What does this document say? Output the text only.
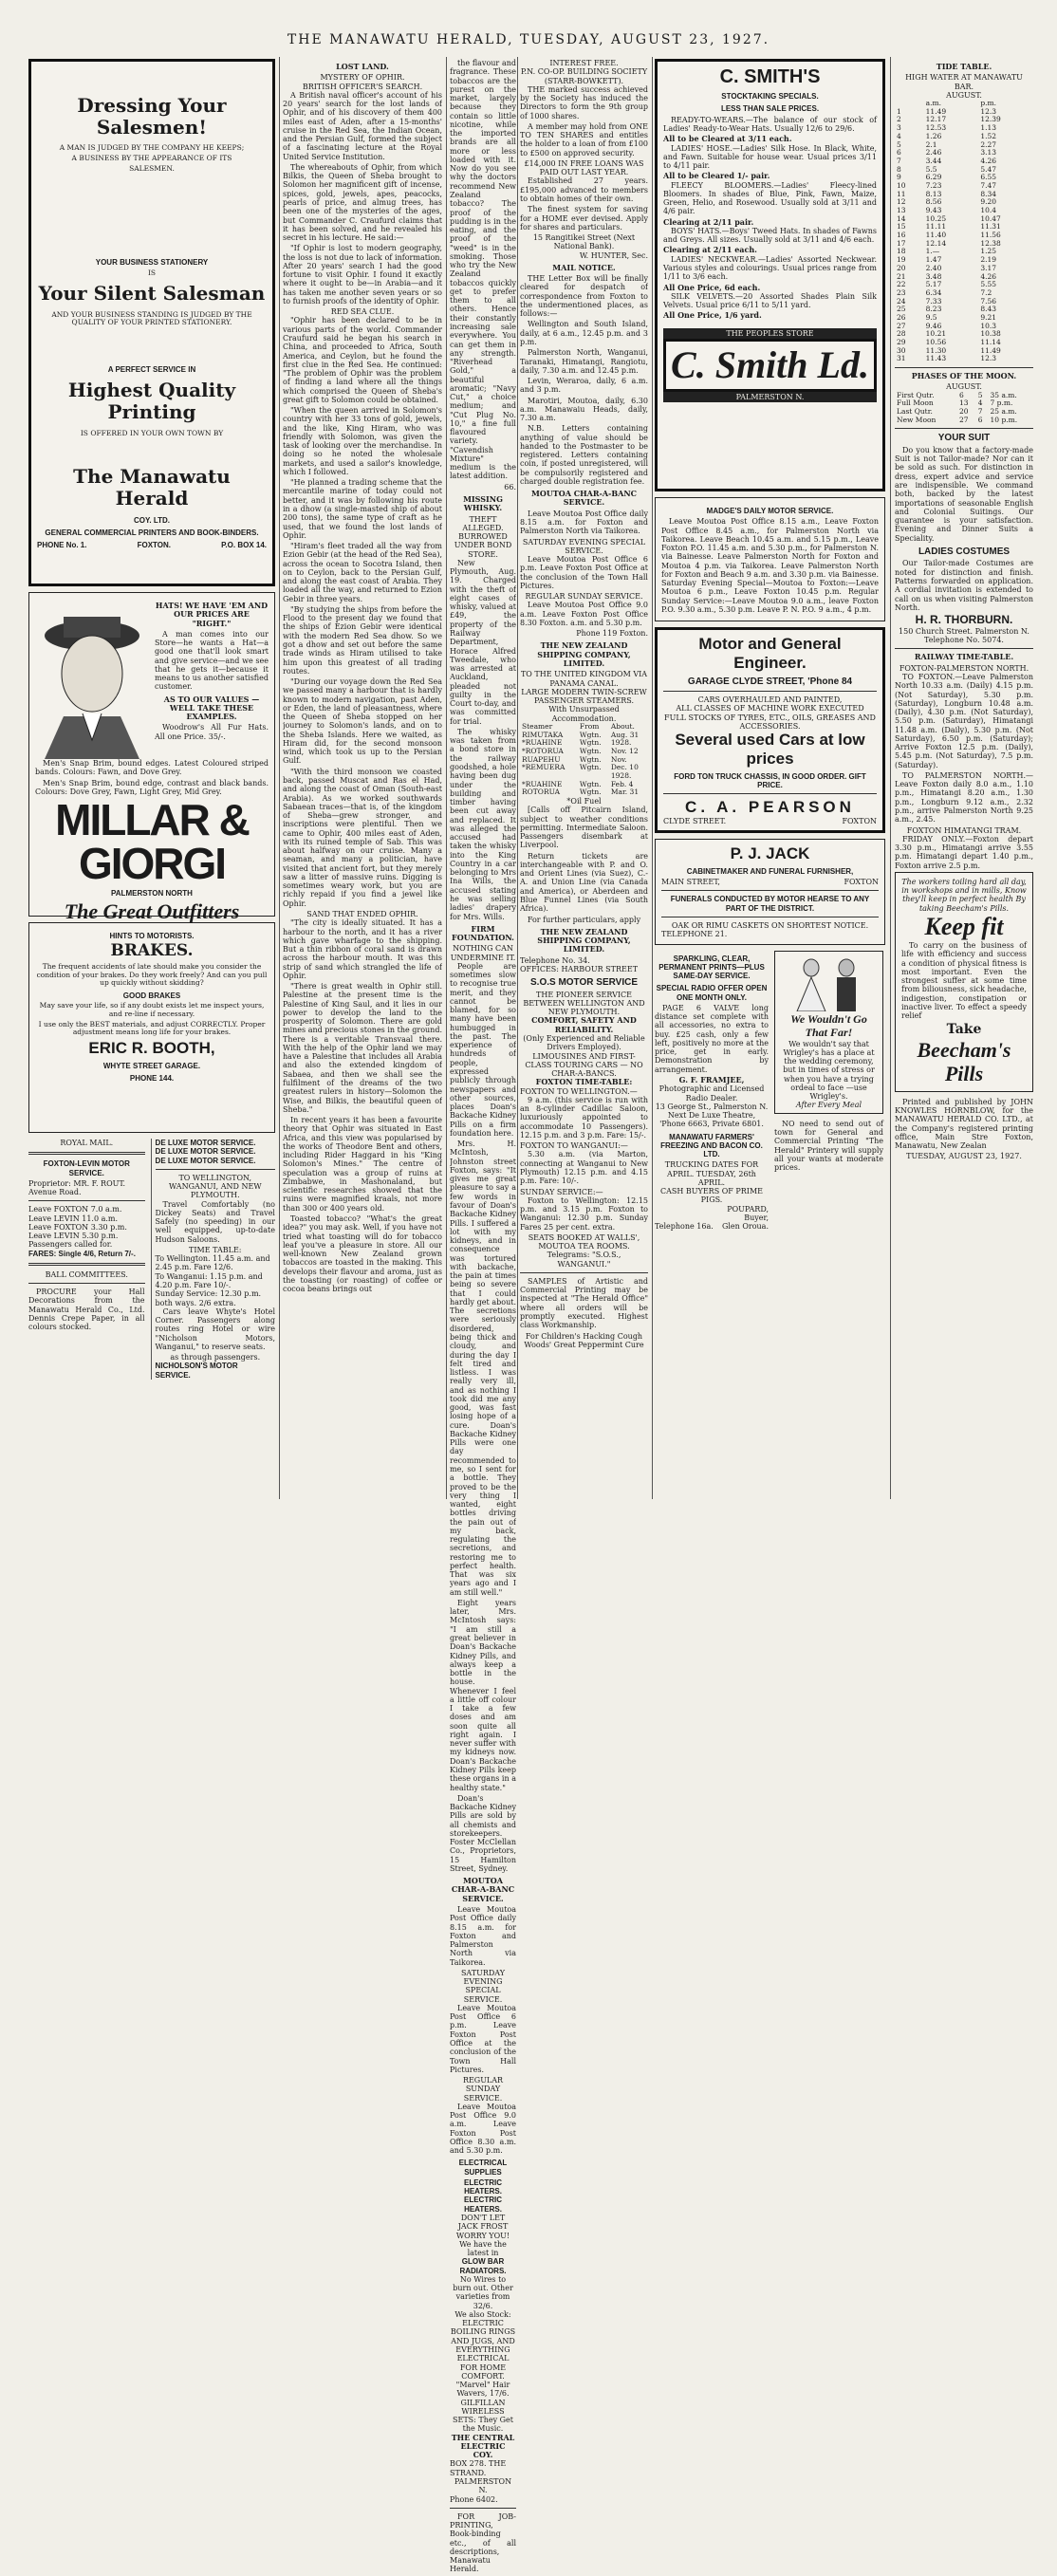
THE MANAWATU HERALD, TUESDAY, AUGUST 23, 1927.
Dressing Your Salesmen!
A MAN IS JUDGED BY THE COMPANY HE KEEPS;
A BUSINESS BY THE APPEARANCE OF ITS
SALESMEN.
YOUR BUSINESS STATIONERY
IS
Your Silent Salesman
AND YOUR BUSINESS STANDING IS JUDGED BY THE QUALITY OF YOUR PRINTED STATIONERY.
A PERFECT SERVICE IN
Highest Quality Printing
IS OFFERED IN YOUR OWN TOWN BY
The Manawatu Herald
COY. LTD.
GENERAL COMMERCIAL PRINTERS AND BOOK-BINDERS.
PHONE No. 1.	FOXTON.	P.O. BOX 14.
HATS! WE HAVE 'EM AND OUR PRICES ARE "RIGHT."

A man comes into our Store—he wants a Hat—a good one that'll look smart and give service—and we see that he gets it—because it means to us another satisfied customer.

AS TO OUR VALUES —WELL TAKE THESE EXAMPLES.

Woodrow's All Fur Hats. All one Price. 35/-.

Men's Snap Brim, bound edges. Latest Coloured striped bands. Colours: Fawn, and Dove Grey.

Men's Snap Brim, bound edge, contrast and black bands. Colours: Dove Grey, Fawn, Light Grey, Mid Grey.

MILLAR & GIORGI
PALMERSTON NORTH
The Great Outfitters
HINTS TO MOTORISTS.
BRAKES.
The frequent accidents of late should make you consider the condition of your brakes. Do they work freely? And can you pull up quickly without skidding?
GOOD BRAKES
May save your life, so if any doubt exists let me inspect yours, and re-line if necessary.
I use only the BEST materials, and adjust CORRECTLY. Proper adjustment means long life for your brakes.
ERIC R. BOOTH,
WHYTE STREET GARAGE.
PHONE 144.
ROYAL MAIL.
FOXTON-LEVIN MOTOR SERVICE.
Proprietor: MR. F. ROUT.
Avenue Road.
Leave FOXTON 7.0 a.m.
Leave LEVIN 11.0 a.m.
Leave FOXTON 3.30 p.m.
Leave LEVIN 5.30 p.m.
Passengers called for.
FARES: Single 4/6, Return 7/-.
BALL COMMITTEES.

PROCURE your Hall Decorations from the Manawatu Herald Co., Ltd. Dennis Crepe Paper, in all colours stocked.

DE LUXE MOTOR SERVICE.
DE LUXE MOTOR SERVICE.
DE LUXE MOTOR SERVICE.
TO WELLINGTON, WANGANUI, AND NEW PLYMOUTH.

Travel Comfortably (no Dickey Seats) and Travel Safely (no speeding) in our well equipped, up-to-date Hudson Saloons.

TIME TABLE:
To Wellington. 11.45 a.m. and 2.45 p.m. Fare 12/6.
To Wanganui: 1.15 p.m. and 4.20 p.m. Fare 10/-.
Sunday Service: 12.30 p.m. both ways. 2/6 extra.

Cars leave Whyte's Hotel Corner. Passengers along routes ring Hotel or wire "Nicholson Motors, Wanganui," to reserve seats.

as through passengers.
NICHOLSON'S MOTOR SERVICE.
LOST LAND.
MYSTERY OF OPHIR.
BRITISH OFFICER'S SEARCH.

A British naval officer's account of his 20 years' search for the lost lands of Ophir, and of his discovery of them 400 miles east of Aden, after a 15-months' cruise in the Red Sea, the Indian Ocean, and the Persian Gulf, formed the subject of a fascinating lecture at the Royal United Service Institution.

The whereabouts of Ophir, from which Bilkis, the Queen of Sheba brought to Solomon her magnificent gift of incense, spices, gold, jewels, apes, peacocks, pearls of price, and almug trees, has been one of the mysteries of the ages, but Commander C. Craufurd claims that it has been solved, and he revealed his secret in his lecture. He said:—

"If Ophir is lost to modern geography, the loss is not due to lack of information. After 20 years' search I had the good fortune to visit Ophir. I found it exactly where it ought to be—in Arabia—and it has taken me another seven years or so to furnish proofs of the identity of Ophir.

RED SEA CLUE.

"Ophir has been declared to be in various parts of the world. Commander Craufurd said he began his search in China, and proceeded to Africa, South America, and Ceylon, but he found the first clue in the Red Sea. He continued: "The problem of Ophir was the problem of finding a land where all the things which comprised the Queen of Sheba's great gift to Solomon could be obtained.

"When the queen arrived in Solomon's country with her 33 tons of gold, jewels, and the like, King Hiram, who was friendly with Solomon, was given the task of looking over the merchandise. In doing so he noted the wholesale markets, and used a sailor's knowledge, which I followed.

"He planned a trading scheme that the mercantile marine of today could not better, and it was by following his route in a dhow (a single-masted ship of about 200 tons), the same type of craft as he used, that we found the lost lands of Ophir.

"Hiram's fleet traded all the way from Ezion Gebir (at the head of the Red Sea), across the ocean to Socotra Island, then on to Ceylon, back to the Persian Gulf, and along the east coast of Arabia. They loaded all the way, and returned to Ezion Gebir in three years.

"By studying the ships from before the Flood to the present day we found that the ships of Ezion Gebir were identical with the modern Red Sea dhow. So we got a dhow and set out before the same trade winds as Hiram utilised to take him upon this greatest of all trading routes.

"During our voyage down the Red Sea we passed many a harbour that is hardly known to modern navigation, past Aden, or Eden, the land of pleasantness, where the Queen of Sheba stopped on her journey to Solomon's lands, and on to the Sheba Islands. Here we waited, as Hiram did, for the second monsoon wind, which took us up to the Persian Gulf.

"With the third monsoon we coasted back, passed Muscat and Ras el Had, and along the coast of Oman (South-east Arabia). As we worked southwards Sabaean traces—that is, of the kingdom of Sheba—grew stronger, and inscriptions were plentiful. Then we came to Ophir, 400 miles east of Aden, with its ruined temple of Sab. This was about halfway on our cruise. Many a seaman, and many a politician, have visited that ancient fort, but they merely saw a litter of massive ruins. Digging is sometimes weary work, but you are richly repaid if you find a jewel like Ophir.

SAND THAT ENDED OPHIR.

"The city is ideally situated. It has a harbour to the north, and it has a river which gave wharfage to the shipping. But a thin ribbon of coral sand is drawn across the harbour mouth. It was this strip of sand which strangled the life of Ophir.

"There is great wealth in Ophir still. Palestine at the present time is the Palestine of King Saul, and it lies in our power to develop the land to the prosperity of Solomon. There are gold mines and precious stones in the ground. There is a veritable Transvaal there. With the help of the Ophir land we may have a Palestine that includes all Arabia and also the extended kingdom of Sabaea, and then we shall see the fulfilment of the dreams of the two greatest rulers in history—Solomon the Wise, and Bilkis, the beautiful queen of Sheba."

In recent years it has been a favourite theory that Ophir was situated in East Africa, and this view was popularised by the works of Theodore Bent and others, including Rider Haggard in his "King Solomon's Mines." The centre of speculation was a group of ruins at Zimbabwe, in Mashonaland, but scientific researches showed that the ruins were magnified kraals, not more than 300 or 400 years old.

Toasted tobacco? "What's the great idea?" you may ask. Well, if you have not tried what toasting will do for tobacco leaf you've a pleasure in store. All our well-known New Zealand grown tobaccos are toasted in the making. This develops their flavour and aroma, just as the toasting (or roasting) of coffee or cocoa beans brings out

the flavour and fragrance. These tobaccos are the purest on the market, largely because they contain so little nicotine, while the imported brands are all more or less loaded with it. Now do you see why the doctors recommend New Zealand tobacco? The proof of the pudding is in the eating, and the proof of the "weed" is in the smoking. Those who try the New Zealand tobaccos quickly get to prefer them to all others. Hence their constantly increasing sale everywhere. You can get them in any strength. "Riverhead Gold," a beautiful aromatic; "Navy Cut," a choice medium; and "Cut Plug No. 10," a fine full flavoured variety. "Cavendish Mixture" medium is the latest addition.

66.
MISSING WHISKY.
THEFT ALLEGED.
BURROWED UNDER BOND STORE.

New Plymouth, Aug. 19. Charged with the theft of eight cases of whisky, valued at £49, the property of the Railway Department, Horace Alfred Tweedale, who was arrested at Auckland, pleaded not guilty in the Court to-day, and was committed for trial.

The whisky was taken from a bond store in the railway goodshed, a hole having been dug under the building and timber having been cut away and replaced. It was alleged the accused had taken the whisky into the King Country in a car belonging to Mrs Ina Wills, the accused stating he was selling ladies' drapery for Mrs. Wills.

FIRM FOUNDATION.
NOTHING CAN UNDERMINE IT.

People are sometimes slow to recognise true merit, and they cannot be blamed, for so many have been humbugged in the past. The experience of hundreds of people, expressed publicly through newspapers and other sources, places Doan's Backache Kidney Pills on a firm foundation here.

Mrs. H. McIntosh, Johnston street Foxton, says: "It gives me great pleasure to say a few words in favour of Doan's Backache Kidney Pills. I suffered a lot with my kidneys, and in consequence was tortured with backache, the pain at times being so severe that I could hardly get about. The secretions were seriously disordered, being thick and cloudy, and during the day I felt tired and listless. I was really very ill, and as nothing I took did me any good, was fast losing hope of a cure. Doan's Backache Kidney Pills were one day recommended to me, so I sent for a bottle. They proved to be the very thing I wanted, eight bottles driving the pain out of my back, regulating the secretions, and restoring me to perfect health. That was six years ago and I am still well."

Eight years later, Mrs. McIntosh says: "I am still a great believer in Doan's Backache Kidney Pills, and always keep a bottle in the house. Whenever I feel a little off colour I take a few doses and am soon quite all right again. I never suffer with my kidneys now. Doan's Backache Kidney Pills keep these organs in a healthy state."

Doan's Backache Kidney Pills are sold by all chemists and storekeepers. Foster McClellan Co., Proprietors, 15 Hamilton Street, Sydney.

MOUTOA CHAR-A-BANC SERVICE.

Leave Moutoa Post Office daily 8.15 a.m. for Foxton and Palmerston North via Taikorea.

SATURDAY EVENING SPECIAL SERVICE.

Leave Moutoa Post Office 6 p.m. Leave Foxton Post Office at the conclusion of the Town Hall Pictures.

REGULAR SUNDAY SERVICE.

Leave Moutoa Post Office 9.0 a.m. Leave Foxton Post Office 8.30 a.m. and 5.30 p.m.

ELECTRICAL SUPPLIES
ELECTRIC HEATERS. ELECTRIC HEATERS.
DON'T LET JACK FROST WORRY YOU!
We have the latest in
GLOW BAR RADIATORS.
No Wires to burn out. Other varieties from 32/6.
We also Stock:
ELECTRIC BOILING RINGS AND JUGS, AND EVERYTHING ELECTRICAL FOR HOME COMFORT.
"Marvel" Hair Wavers, 17/6. GILFILLAN WIRELESS SETS: They Get the Music.
THE CENTRAL ELECTRIC COY.
BOX 278. THE STRAND.
PALMERSTON N.
Phone 6402.

FOR JOB-PRINTING, Book-binding etc., of all descriptions, Manawatu Herald.

INTEREST FREE.
P.N. CO-OP. BUILDING SOCIETY (STARR-BOWKETT).

THE marked success achieved by the Society has induced the Directors to form the 9th group of 1000 shares.

A member may hold from ONE TO TEN SHARES and entitles the holder to a loan of from £100 to £500 on approved security.

£14,000 IN FREE LOANS WAS PAID OUT LAST YEAR.

Established 27 years. £195,000 advanced to members to obtain homes of their own.

The finest system for saving for a HOME ever devised. Apply for shares and particulars.

15 Rangitikei Street (Next National Bank).
W. HUNTER, Sec.
MAIL NOTICE.

THE Letter Box will be finally cleared for despatch of correspondence from Foxton to the undermentioned places, as follows:—

Wellington and South Island, daily, at 6 a.m., 12.45 p.m. and 3 p.m.

Palmerston North, Wanganui, Taranaki, Himatangi, Rangiotu, daily, 7.30 a.m. and 12.45 p.m.

Levin, Weraroa, daily, 6 a.m. and 3 p.m.

Marotiri, Moutoa, daily, 6.30 a.m. Manawaiu Heads, daily, 7.30 a.m.

N.B. Letters containing anything of value should be handed to the Postmaster to be registered. Letters containing coin, if posted unregistered, will be compulsorily registered and charged double registration fee.

MOUTOA CHAR-A-BANC SERVICE.

Leave Moutoa Post Office daily 8.15 a.m. for Foxton and Palmerston North via Taikorea.

SATURDAY EVENING SPECIAL SERVICE.

Leave Moutoa Post Office 6 p.m. Leave Foxton Post Office at the conclusion of the Town Hall Pictures.

REGULAR SUNDAY SERVICE.

Leave Moutoa Post Office 9.0 a.m. Leave Foxton Post Office 8.30 Foxton. a.m. and 5.30 p.m.

Phone 119 Foxton.
THE NEW ZEALAND SHIPPING COMPANY, LIMITED.
TO THE UNITED KINGDOM VIA PANAMA CANAL.
LARGE MODERN TWIN-SCREW PASSENGER STEAMERS.
With Unsurpassed Accommodation.
Steamer	From	About.
RIMUTAKA	Wgtn.	Aug. 31
*RUAHINE	Wgtn.	1928.
*ROTORUA	Wgtn.	Nov. 12
RUAPEHU	Wgtn.	Nov.
*REMUERA	Wgtn.	Dec. 10
		1928.
*RUAHINE	Wgtn.	Feb. 4
ROTORUA	Wgtn.	Mar. 31
*Oil Fuel

[Calls off Pitcairn Island, subject to weather conditions permitting. Intermediate Saloon. Passengers disembark at Liverpool.

Return tickets are interchangeable with P. and O. and Orient Lines (via Suez), C.-A. and Union Line (via Canada and America), or Aberdeen and Blue Funnel Lines (via South Africa).

For further particulars, apply
THE NEW ZEALAND SHIPPING COMPANY, LIMITED.
Telephone No. 34.
OFFICES: HARBOUR STREET
S.O.S MOTOR SERVICE
THE PIONEER SERVICE BETWEEN WELLINGTON AND NEW PLYMOUTH.
COMFORT, SAFETY AND RELIABILITY.
(Only Experienced and Reliable Drivers Employed).
LIMOUSINES AND FIRST-CLASS TOURING CARS — NO CHAR-A-BANCS.
FOXTON TIME-TABLE:
FOXTON TO WELLINGTON.—

9 a.m. (this service is run with an 8-cylinder Cadillac Saloon, luxuriously appointed to accommodate 10 Passengers). 12.15 p.m. and 3 p.m. Fare: 15/-.

FOXTON TO WANGANUI:—

5.30 a.m. (via Marton, connecting at Wanganui to New Plymouth) 12.15 p.m. and 4.15 p.m. Fare: 10/-.

SUNDAY SERVICE:—

Foxton to Wellington: 12.15 p.m. and 3.15 p.m. Foxton to Wanganui: 12.30 p.m. Sunday Fares 25 per cent. extra.

SEATS BOOKED AT WALLS', MOUTOA TEA ROOMS.
Telegrams: "S.O.S., WANGANUI."

SAMPLES of Artistic and Commercial Printing may be inspected at "The Herald Office" where all orders will be promptly executed. Highest class Workmanship.

For Children's Hacking Cough Woods' Great Peppermint Cure
C. SMITH'S
STOCKTAKING SPECIALS.
LESS THAN SALE PRICES.

READY-TO-WEARS.—The balance of our stock of Ladies' Ready-to-Wear Hats. Usually 12/6 to 29/6.

All to be Cleared at 3/11 each.

LADIES' HOSE.—Ladies' Silk Hose. In Black, White, and Fawn. Suitable for house wear. Usual prices 3/11 to 4/11 pair.

All to be Cleared 1/- pair.

FLEECY BLOOMERS.—Ladies' Fleecy-lined Bloomers. In shades of Blue, Pink, Fawn, Maize, Green, Helio, and Rosewood. Usually sold at 3/11 and 4/6 pair.

Clearing at 2/11 pair.

BOYS' HATS.—Boys' Tweed Hats. In shades of Fawns and Greys. All sizes. Usually sold at 3/11 and 4/6 each.

Clearing at 2/11 each.

LADIES' NECKWEAR.—Ladies' Assorted Neckwear. Various styles and colourings. Usual prices range from 1/11 to 3/6 each.

All One Price, 6d each.

SILK VELVETS.—20 Assorted Shades Plain Silk Velvets. Usual price 6/11 to 5/11 yard.

All One Price, 1/6 yard.
THE PEOPLES STORE
C. Smith Ld.
PALMERSTON N.
MADGE'S DAILY MOTOR SERVICE.

Leave Moutoa Post Office 8.15 a.m., Leave Foxton Post Office 8.45 a.m., for Palmerston North via Taikorea. Leave Beach 10.45 a.m. and 5.15 p.m., Leave Foxton P.O. 11.45 a.m. and 5.30 p.m., for Palmerston N. via Bainesse. Leave Palmerston North for Foxton and Moutoa 4 p.m. via Taikorea. Leave Palmerston North for Foxton and Beach 9 a.m. and 3.30 p.m. via Bainesse. Saturday Evening Special—Moutoa to Foxton:—Leave Moutoa 6 p.m., Leave Foxton 10.45 p.m. Regular Sunday Service:—Leave Moutoa 9.0 a.m., leave Foxton P.O. 9.30 a.m., 5.30 p.m. Leave P. N. P.O. 9 a.m., 4 p.m.

Motor and General Engineer.
GARAGE CLYDE STREET, 'Phone 84
CARS OVERHAULED AND PAINTED,
ALL CLASSES OF MACHINE WORK EXECUTED
FULL STOCKS OF TYRES, ETC., OILS, GREASES AND ACCESSORIES.
Several used Cars at low prices
FORD TON TRUCK CHASSIS, IN GOOD ORDER. GIFT PRICE.
C. A. PEARSON
CLYDE STREET.	FOXTON
P. J. JACK
CABINETMAKER AND FUNERAL FURNISHER,
MAIN STREET,	FOXTON
FUNERALS CONDUCTED BY MOTOR HEARSE TO ANY PART OF THE DISTRICT.
OAK OR RIMU CASKETS ON SHORTEST NOTICE.
TELEPHONE 21.
SPARKLING, CLEAR, PERMANENT PRINTS—PLUS SAME-DAY SERVICE.
SPECIAL RADIO OFFER OPEN ONE MONTH ONLY.

PAGE 6 VALVE long distance set complete with all accessories, no extra to buy. £25 cash, only a few left, positively no more at the price, get in early. Demonstration by arrangement.

G. F. FRAMJEE,
Photographic and Licensed Radio Dealer.
13 George St., Palmerston N. Next De Luxe Theatre, 'Phone 6663, Private 6801.
MANAWATU FARMERS' FREEZING AND BACON CO. LTD.
TRUCKING DATES FOR APRIL. TUESDAY, 26th APRIL.
CASH BUYERS OF PRIME PIGS.
POUPARD,
Buyer,
Telephone 16a. Glen Oroua.
We Wouldn't Go That Far!
We wouldn't say that Wrigley's has a place at the wedding ceremony, but in times of stress or when you have a trying ordeal to face —use Wrigley's.
After Every Meal

NO need to send out of town for General and Commercial Printing "The Herald" Printery will supply all your wants at moderate prices.

TIDE TABLE.
HIGH WATER AT MANAWATU BAR.
AUGUST.
	a.m.	p.m.
1	11.49	12.3
2	12.17	12.39
3	12.53	1.13
4	1.26	1.52
5	2.1	2.27
6	2.46	3.13
7	3.44	4.26
8	5.5	5.47
9	6.29	6.55
10	7.23	7.47
11	8.13	8.34
12	8.56	9.20
13	9.43	10.4
14	10.25	10.47
15	11.11	11.31
16	11.40	11.56
17	12.14	12.38
18	1.—	1.25
19	1.47	2.19
20	2.40	3.17
21	3.48	4.26
22	5.17	5.55
23	6.34	7.2
24	7.33	7.56
25	8.23	8.43
26	9.5	9.21
27	9.46	10.3
28	10.21	10.38
29	10.56	11.14
30	11.30	11.49
31	11.43	12.3
PHASES OF THE MOON.
AUGUST.
First Qutr.	6	5	35 a.m.
Full Moon	13	4	7 p.m.
Last Qutr.	20	7	25 a.m.
New Moon	27	6	10 p.m.
YOUR SUIT

Do you know that a factory-made Suit is not Tailor-made? Nor can it be sold as such. For distinction in dress, expert advice and service are indispensible. We command both, backed by the latest importations of seasonable English and Colonial Suitings. Our guarantee is your satisfaction. Evening and Dinner Suits a Speciality.

LADIES COSTUMES

Our Tailor-made Costumes are noted for distinction and finish. Patterns forwarded on application. A cordial invitation is extended to call on us when visiting Palmerston North.

H. R. THORBURN.
150 Church Street. Palmerston N. Telephone No. 5074.
RAILWAY TIME-TABLE.
FOXTON-PALMERSTON NORTH.

TO FOXTON.—Leave Palmerston North 10.33 a.m. (Daily) 4.15 p.m. (Not Saturday), 5.30 p.m. (Saturday), Longburn 10.48 a.m. (Daily), 4.30 p.m. (Not Saturday), 5.50 p.m. (Saturday), Himatangi 11.48 a.m. (Daily), 5.30 p.m. (Not Saturday), 6.50 p.m. (Saturday); Arrive Foxton 12.5 p.m. (Daily), 5.45 p.m. (Not Saturday), 7.5 p.m. (Saturday).

TO PALMERSTON NORTH.—Leave Foxton daily 8.0 a.m., 1.10 p.m., Himatangi 8.20 a.m., 1.30 p.m., Longburn 9.12 a.m., 2.32 p.m., arrive Palmerston North 9.25 a.m., 2.45.

FOXTON HIMATANGI TRAM.

FRIDAY ONLY.—Foxton depart 3.30 p.m., Himatangi arrive 3.55 p.m. Himatangi depart 1.40 p.m., Foxton arrive 2.5 p.m.

The workers toiling hard all day, in workshops and in mills, Know they'll keep in perfect health By taking Beecham's Pills.
Keep fit

To carry on the business of life with efficiency and success a condition of physical fitness is most important. Even the strongest suffer at some time from biliousness, sick headache, indigestion, constipation or inactive liver. To effect a speedy relief

Take
Beecham's Pills

Printed and published by JOHN KNOWLES HORNBLOW, for the MANAWATU HERALD CO. LTD., at the Company's registered printing office, Main Stre Foxton, Manawatu, New Zealan

TUESDAY, AUGUST 23, 1927.
